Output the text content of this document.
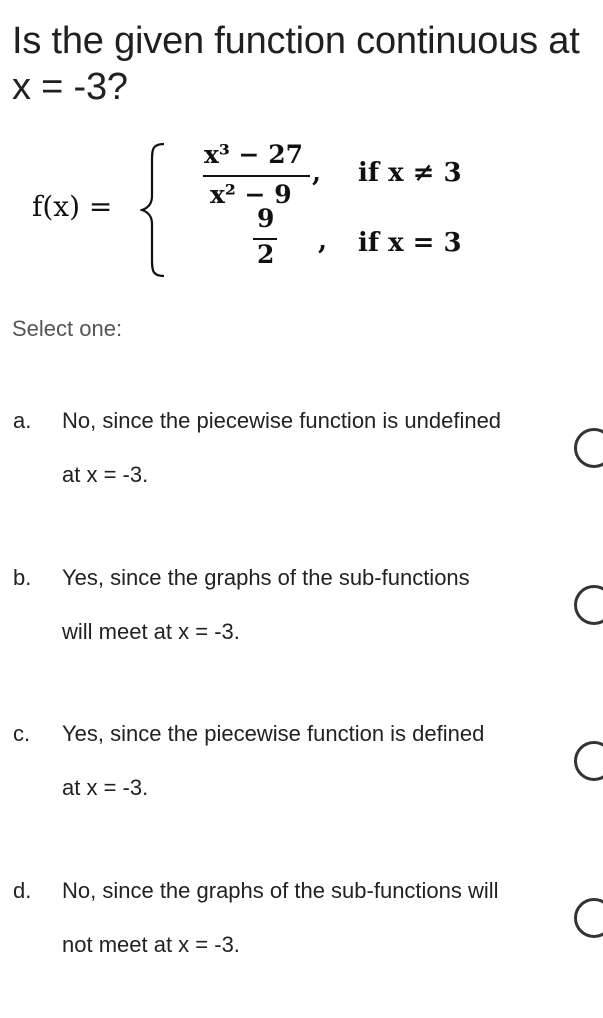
Is the given function continuous at x = -3?
f(x) =
x³ − 27
x² − 9
, if x ≠ 3
9
2 , if x = 3

Select one:

a. No, since the piecewise function is undefined
at x = -3.
b. Yes, since the graphs of the sub-functions
will meet at x = -3.
c. Yes, since the piecewise function is defined
at x = -3.
d. No, since the graphs of the sub-functions will
not meet at x = -3.
